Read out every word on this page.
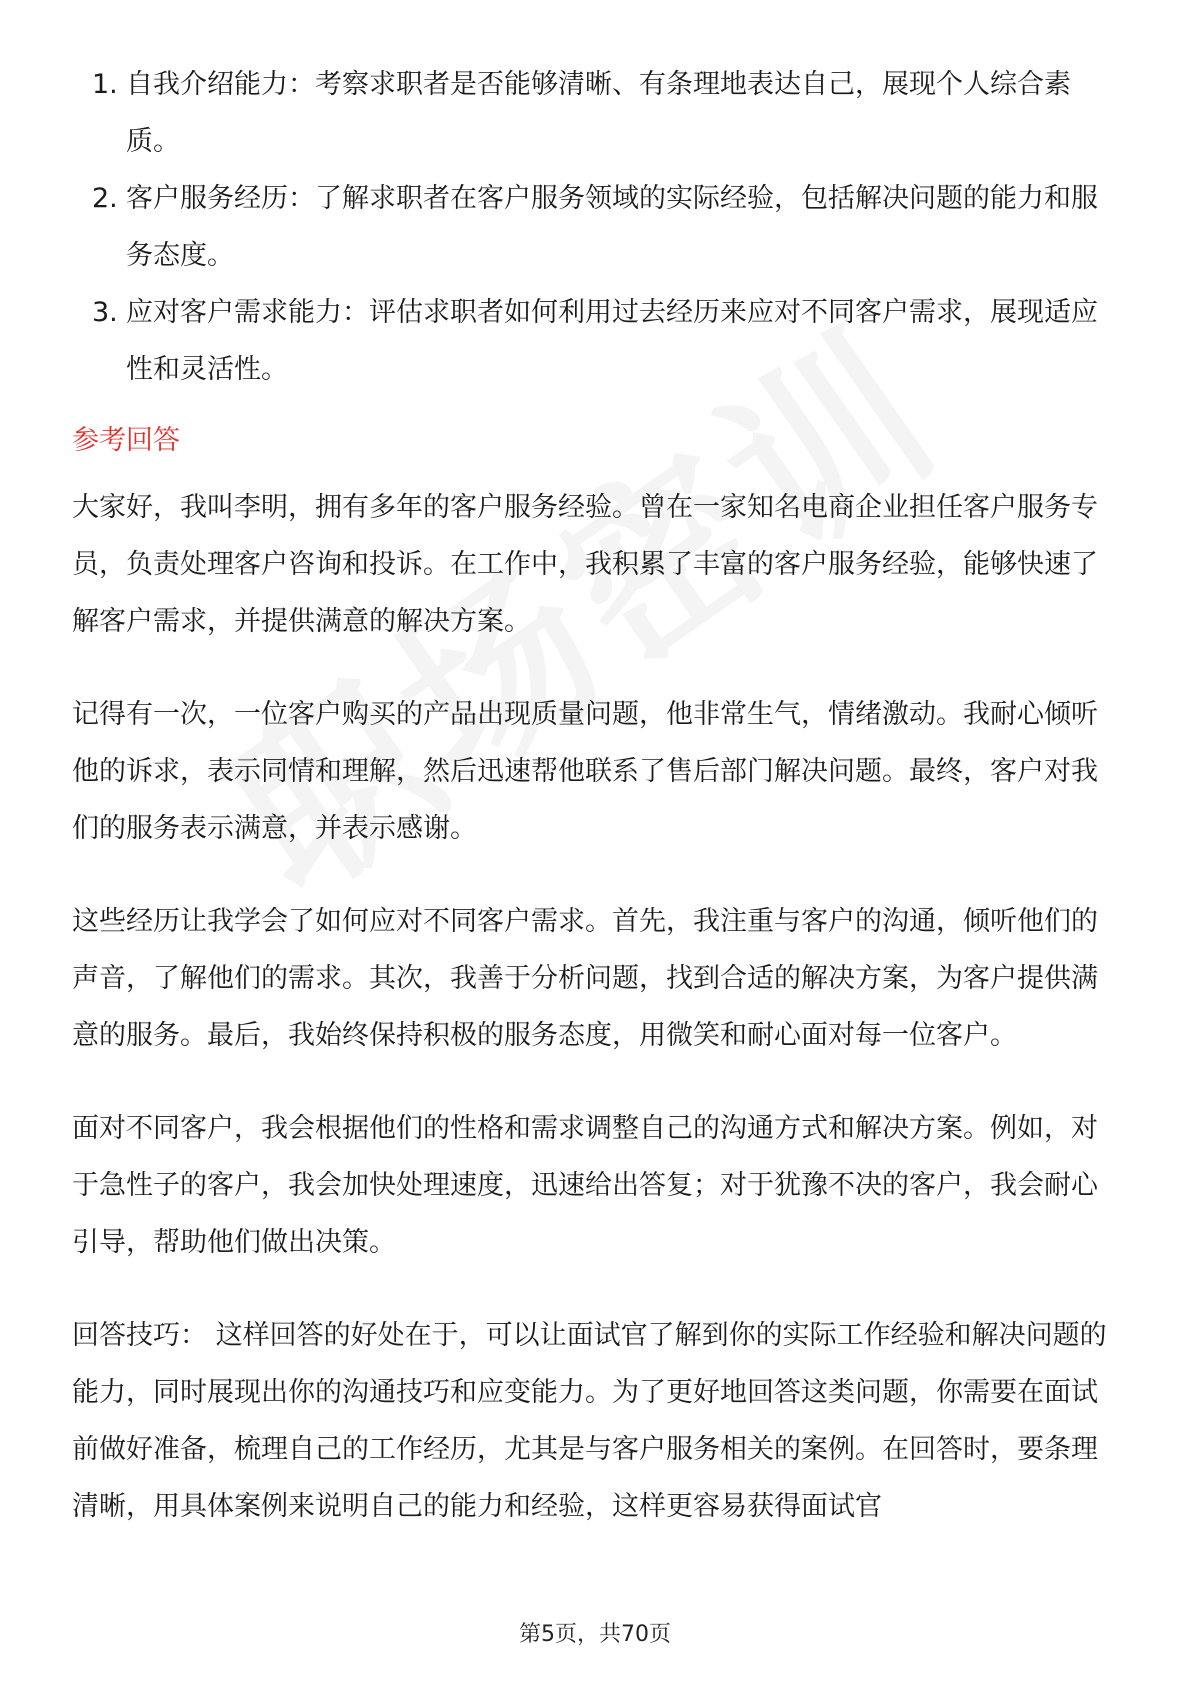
1. 自我介绍能力：考察求职者是否能够清晰、有条理地表达自己，展现个人综合素质。
2. 客户服务经历：了解求职者在客户服务领域的实际经验，包括解决问题的能力和服务态度。
3. 应对客户需求能力：评估求职者如何利用过去经历来应对不同客户需求，展现适应性和灵活性。
参考回答

大家好，我叫李明，拥有多年的客户服务经验。曾在一家知名电商企业担任客户服务专员，负责处理客户咨询和投诉。在工作中，我积累了丰富的客户服务经验，能够快速了解客户需求，并提供满意的解决方案。

记得有一次，一位客户购买的产品出现质量问题，他非常生气，情绪激动。我耐心倾听他的诉求，表示同情和理解，然后迅速帮他联系了售后部门解决问题。最终，客户对我们的服务表示满意，并表示感谢。

这些经历让我学会了如何应对不同客户需求。首先，我注重与客户的沟通，倾听他们的声音，了解他们的需求。其次，我善于分析问题，找到合适的解决方案，为客户提供满意的服务。最后，我始终保持积极的服务态度，用微笑和耐心面对每一位客户。

面对不同客户，我会根据他们的性格和需求调整自己的沟通方式和解决方案。例如，对于急性子的客户，我会加快处理速度，迅速给出答复；对于犹豫不决的客户，我会耐心引导，帮助他们做出决策。

回答技巧： 这样回答的好处在于，可以让面试官了解到你的实际工作经验和解决问题的能力，同时展现出你的沟通技巧和应变能力。为了更好地回答这类问题，你需要在面试前做好准备，梳理自己的工作经历，尤其是与客户服务相关的案例。在回答时，要条理清晰，用具体案例来说明自己的能力和经验，这样更容易获得面试官

第5页，共70页
